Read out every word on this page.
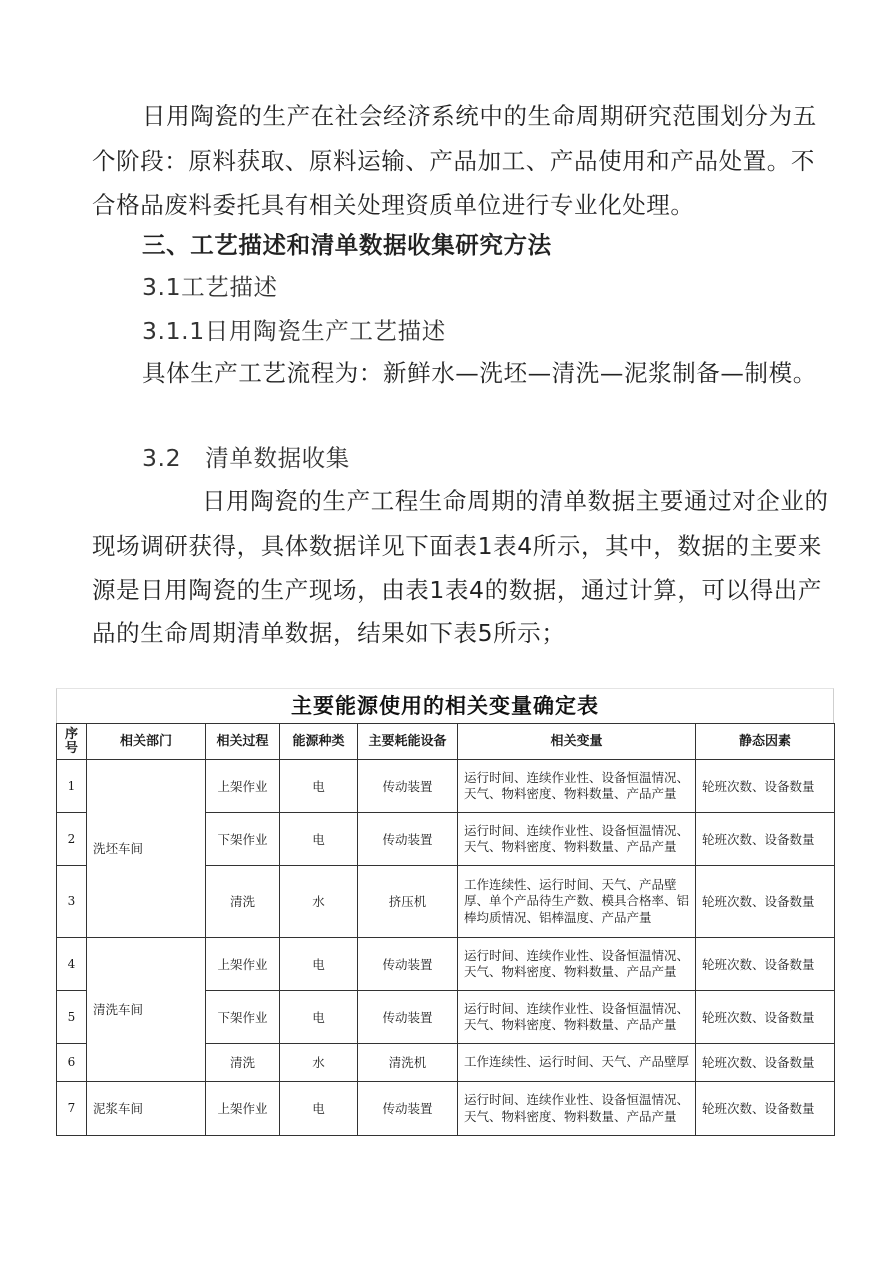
日用陶瓷的生产在社会经济系统中的生命周期研究范围划分为五
个阶段：原料获取、原料运输、产品加工、产品使用和产品处置。不
合格品废料委托具有相关处理资质单位进行专业化处理。
三、工艺描述和清单数据收集研究方法
3.1工艺描述
3.1.1日用陶瓷生产工艺描述
具体生产工艺流程为：新鲜水—洗坯—清洗—泥浆制备—制模。
3.2　清单数据收集
日用陶瓷的生产工程生命周期的清单数据主要通过对企业的
现场调研获得，具体数据详见下面表1表4所示，其中，数据的主要来
源是日用陶瓷的生产现场，由表1表4的数据，通过计算，可以得出产
品的生命周期清单数据，结果如下表5所示；
主要能源使用的相关变量确定表
序号	相关部门	相关过程	能源种类	主要耗能设备	相关变量	静态因素
1	洗坯车间	上架作业	电	传动装置	运行时间、连续作业性、设备恒温情况、天气、物料密度、物料数量、产品产量	轮班次数、设备数量
2		下架作业	电	传动装置	运行时间、连续作业性、设备恒温情况、天气、物料密度、物料数量、产品产量	轮班次数、设备数量
3		清洗	水	挤压机	工作连续性、运行时间、天气、产品壁厚、单个产品待生产数、模具合格率、铝棒均质情况、铝棒温度、产品产量	轮班次数、设备数量
4	清洗车间	上架作业	电	传动装置	运行时间、连续作业性、设备恒温情况、天气、物料密度、物料数量、产品产量	轮班次数、设备数量
5		下架作业	电	传动装置	运行时间、连续作业性、设备恒温情况、天气、物料密度、物料数量、产品产量	轮班次数、设备数量
6		清洗	水	清洗机	工作连续性、运行时间、天气、产品壁厚	轮班次数、设备数量
7	泥浆车间	上架作业	电	传动装置	运行时间、连续作业性、设备恒温情况、天气、物料密度、物料数量、产品产量	轮班次数、设备数量
